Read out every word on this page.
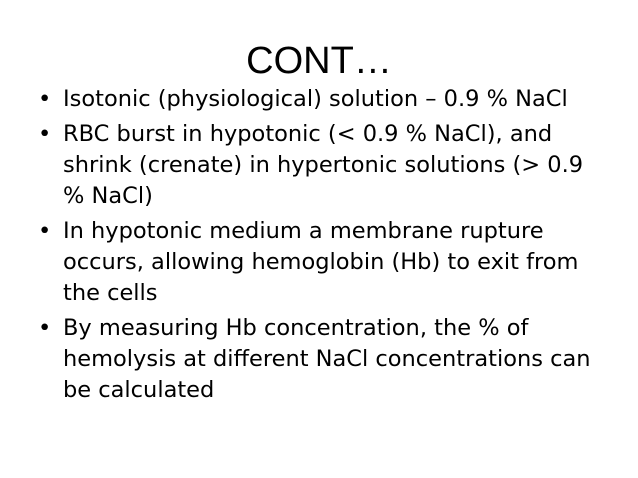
CONT…
• Isotonic (physiological) solution – 0.9 % NaCl
• RBC burst in hypotonic (< 0.9 % NaCl), and shrink (crenate) in hypertonic solutions (> 0.9 % NaCl)
• In hypotonic medium a membrane rupture occurs, allowing hemoglobin (Hb) to exit from the cells
• By measuring Hb concentration, the % of hemolysis at different NaCl concentrations can be calculated
